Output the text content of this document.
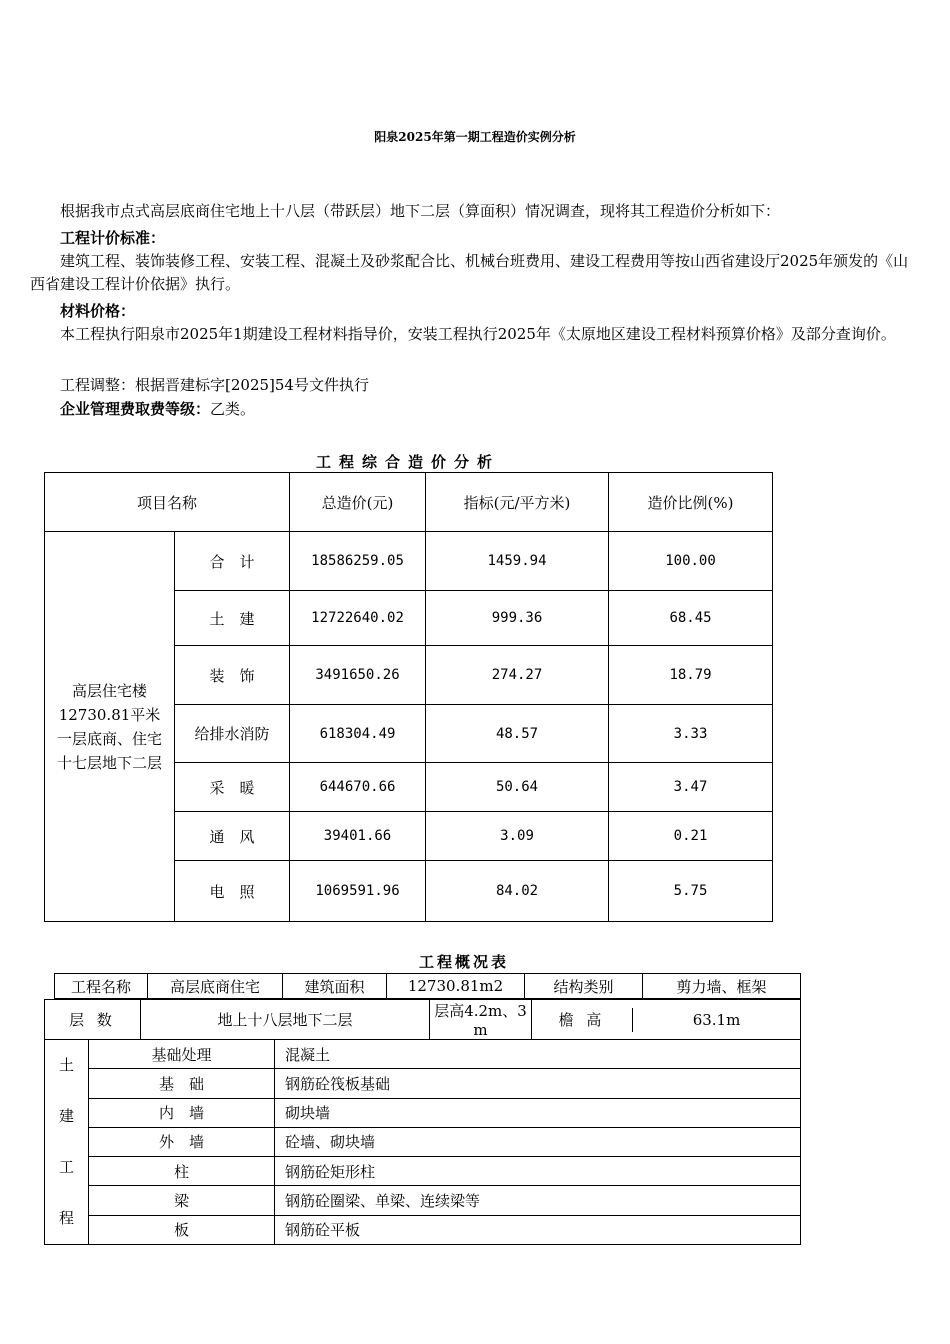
阳泉2025年第一期工程造价实例分析
根据我市点式高层底商住宅地上十八层（带跃层）地下二层（算面积）情况调查，现将其工程造价分析如下：
工程计价标准：
建筑工程、装饰装修工程、安装工程、混凝土及砂浆配合比、机械台班费用、建设工程费用等按山西省建设厅2025年颁发的《山西省建设工程计价依据》执行。
材料价格：
本工程执行阳泉市2025年1期建设工程材料指导价，安装工程执行2025年《太原地区建设工程材料预算价格》及部分查询价。
工程调整：根据晋建标字[2025]54号文件执行
企业管理费取费等级：乙类。
工程综合造价分析
项目名称		总造价(元)	指标(元/平方米)	造价比例(%)
高层住宅楼12730.81平米一层底商、住宅十七层地下二层	合　计	18586259.05	1459.94	100.00
	土　建	12722640.02	999.36	68.45
	装　饰	3491650.26	274.27	18.79
	给排水消防	618304.49	48.57	3.33
	采　暖	644670.66	50.64	3.47
	通　风	39401.66	3.09	0.21
	电　照	1069591.96	84.02	5.75
工程概况表
工程名称	高层底商住宅	建筑面积	12730.81m2	结构类别	剪力墙、框架
层 数		地上十八层地下二层		层高4.2m、3 m	檐 高 63.1m

土
建
工
程	基础处理		混凝土		
	基　础		钢筋砼筏板基础		
	内　墙		砌块墙		
	外　墙		砼墙、砌块墙		
	柱		钢筋砼矩形柱		
	梁		钢筋砼圈梁、单梁、连续梁等		
	板		钢筋砼平板		
